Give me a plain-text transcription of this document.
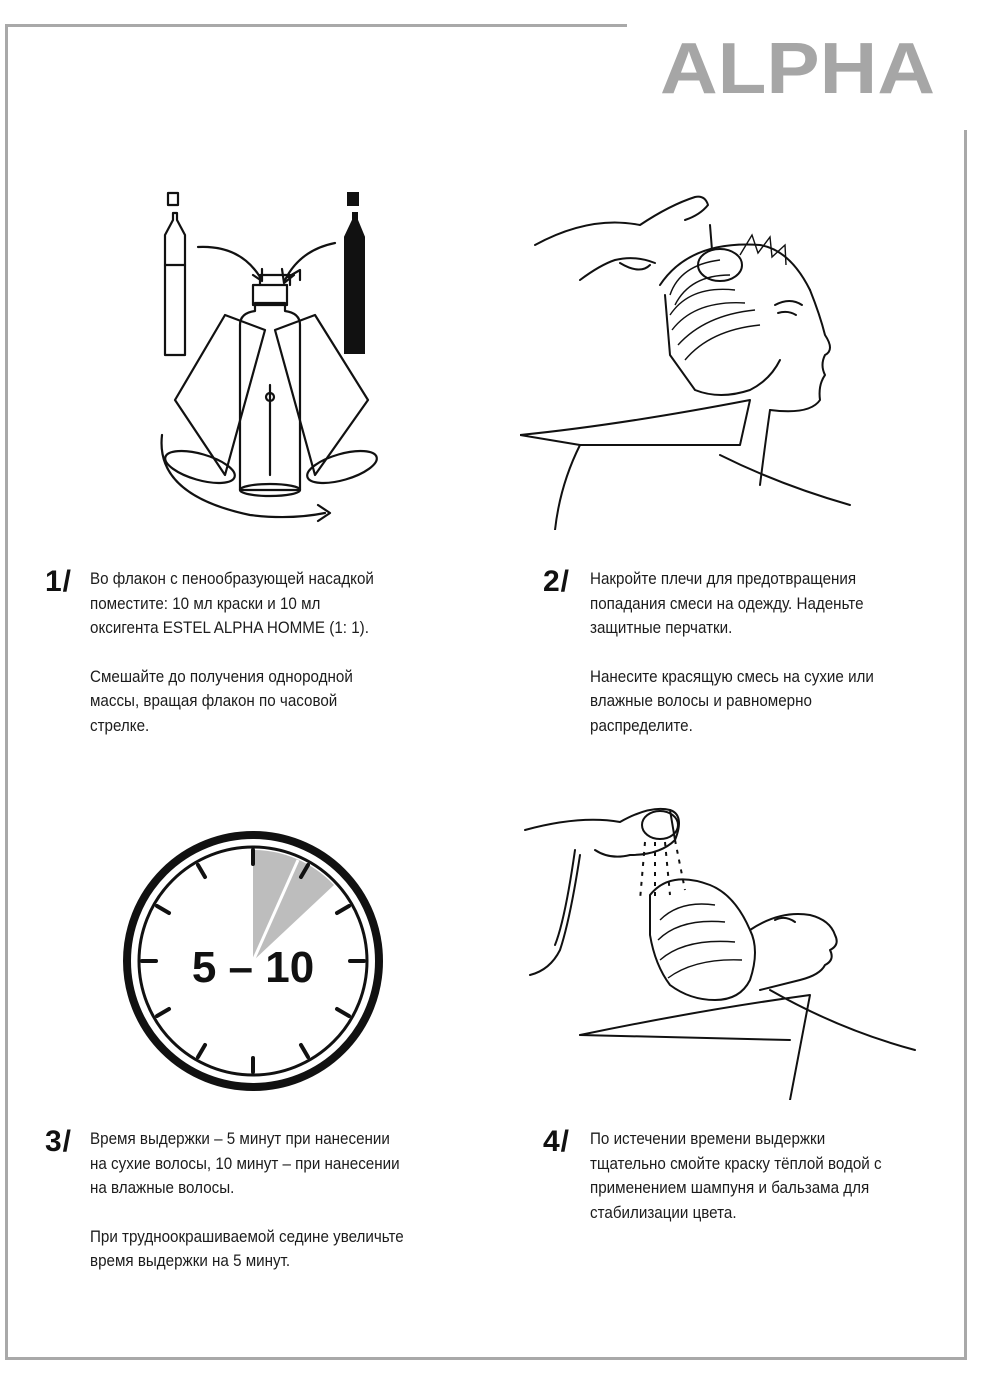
ALPHA
1/ Во флакон с пенообразующей насадкой поместите: 10 мл краски и 10 мл оксигента ESTEL ALPHA HOMME (1: 1).

Смешайте до получения однородной массы, вращая флакон по часовой стрелке.

2/ Накройте плечи для предотвращения попадания смеси на одежду. Наденьте защитные перчатки.

Нанесите красящую смесь на сухие или влажные волосы и равномерно распределите.

5 – 10
3/ Время выдержки – 5 минут при нанесении на сухие волосы, 10 минут – при нанесении на влажные волосы.

При трудноокрашиваемой седине увеличьте время выдержки на 5 минут.

4/ По истечении времени выдержки тщательно смойте краску тёплой водой с применением шампуня и бальзама для стабилизации цвета.
